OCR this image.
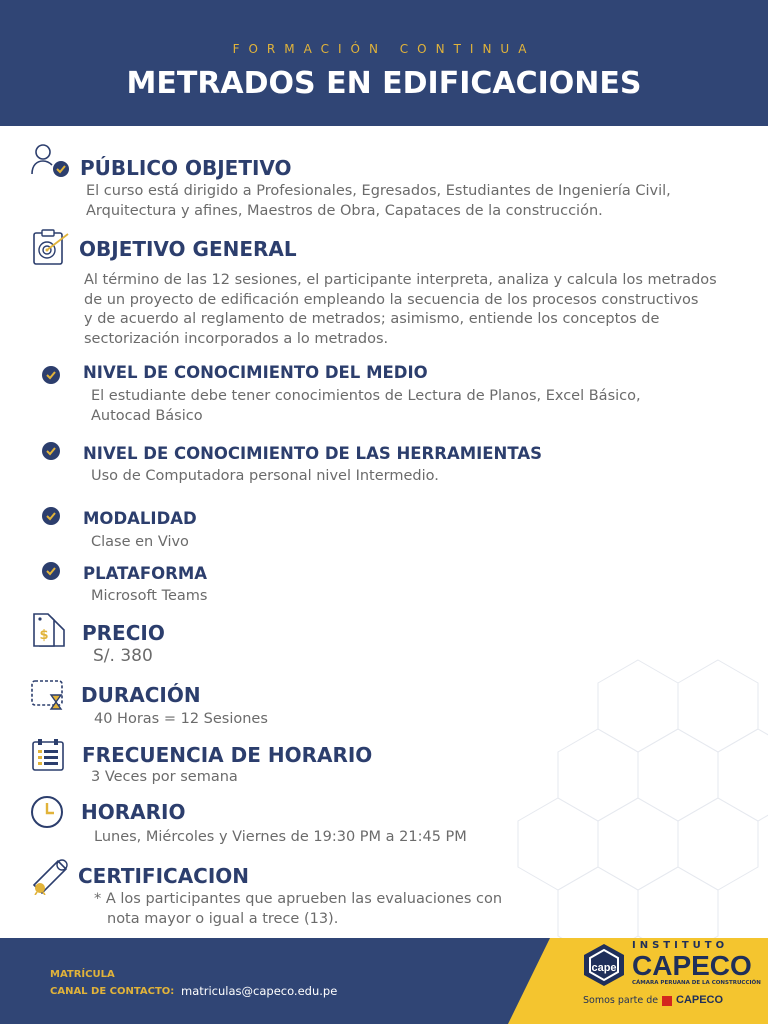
FORMACIÓN CONTINUA
METRADOS EN EDIFICACIONES
PÚBLICO OBJETIVO
El curso está dirigido a Profesionales, Egresados, Estudiantes de Ingeniería Civil,
Arquitectura y afines, Maestros de Obra, Capataces de la construcción.
OBJETIVO GENERAL
Al término de las 12 sesiones, el participante interpreta, analiza y calcula los metrados
de un proyecto de edificación empleando la secuencia de los procesos constructivos
y de acuerdo al reglamento de metrados; asimismo, entiende los conceptos de
sectorización incorporados a lo metrados.
NIVEL DE CONOCIMIENTO DEL MEDIO
El estudiante debe tener conocimientos de Lectura de Planos, Excel Básico,
Autocad Básico
NIVEL DE CONOCIMIENTO DE LAS HERRAMIENTAS
Uso de Computadora personal nivel Intermedio.
MODALIDAD
Clase en Vivo
PLATAFORMA
Microsoft Teams
$ PRECIO
S/. 380
DURACIÓN
40 Horas = 12 Sesiones
FRECUENCIA DE HORARIO
3 Veces por semana
HORARIO
Lunes, Miércoles y Viernes de 19:30 PM a 21:45 PM
CERTIFICACION
* A los participantes que aprueben las evaluaciones con
nota mayor o igual a trece (13).
MATRÍCULA
CANAL DE CONTACTO: matriculas@capeco.edu.pe
cape
INSTITUTO
CAPECO
CÁMARA PERUANA DE LA CONSTRUCCIÓN
Somos parte de CAPECO
